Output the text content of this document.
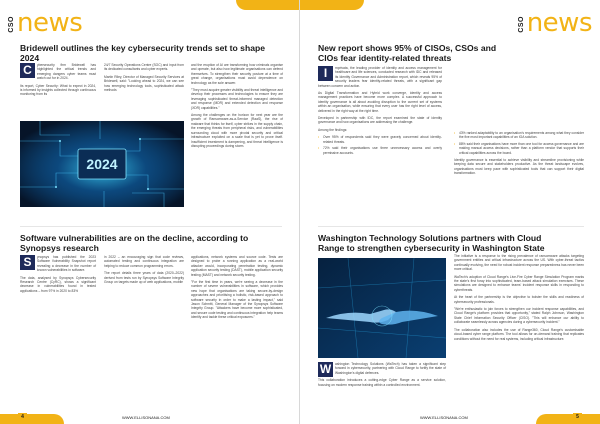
CSO news
Bridewell outlines the key cybersecurity trends set to shape 2024
C	ybersecurity firm Bridewell has highlighted the critical trends and emerging dangers cyber teams must watch out for in 2024.

Its report, Cyber Security: What to expect in 2024, is informed by insights collected through continuous monitoring from its

24/7 Security Operations Centre (SOC) and input from its dedicated consultants and cyber experts.

Martin Riley, Director of Managed Security Services at Bridewell, said: "Looking ahead to 2024, we can see how emerging technology tools, sophisticated attack methods

and the eruption of AI are transforming how criminals organise and operate, but also how legitimate organisations can defend themselves. To strengthen their security posture at a time of great change, organisations must avoid dependence on technology as the sole answer.

"They must acquire greater visibility and threat intelligence and develop their processes and technologies to ensure they are leveraging sophisticated threat-informed managed detection and response (MDR) and extended detection and response (XDR) capabilities."

Among the challenges on the horizon for next year are the growth of Ransomware-as-a-Service (RaaS), the rise of malware that thinks for itself, cyber strikes in the supply chain, the emerging threats from peripheral risks, and vulnerabilities surrounding cloud with more pivotal security and critical infrastructure exploited on a scale that is yet to prove itself. Insufficient investment is dampening, and threat intelligence is disrupting proceedings during storm.

2024
Software vulnerabilities are on the decline, according to Synopsys research
S	ynopsys has published the 2023 Software Vulnerability Snapshot report revealing a decrease in the number of known vulnerabilities in software.

The data, analysed by Synopsys Cybersecurity Research Centre (CyRC), shows a significant decrease in vulnerabilities found in tested applications – from 97% in 2020 to 83%

in 2022 – an encouraging sign that code reviews, automated testing and continuous integration are helping to reduce common programming errors.

The report details three years of data (2020–2022) derived from tests run by Synopsys Software Integrity Group on targets made up of web applications, mobile

applications, network systems and source code. Tests are designed to probe a running application as a real-world attacker would, incorporating penetration testing, dynamic application security testing (DAST), mobile application security testing (MAST) and network security testing.

"For the first time in years, we're seeing a decrease in the number of severe vulnerabilities in software, which provides new hope that organisations are taking secure-by-design approaches and prioritising a holistic, risk-based approach to software security in order to make a lasting impact," said Jason Schmitt, General Manager of the Synopsys Software Integrity Group. "Attackers have become more sophisticated, and secure code testing and continuous integration help teams identify and tackle these critical exposures."

4	WWW.ELLISONANA.COM
CSO news
New report shows 95% of CISOs, CSOs and CIOs fear identity-related threats
I	mprivata, the leading provider of identity and access management for healthcare and life sciences, conducted research with IDC and released its Identity Governance and Administration report, which reveals 95% of security leaders fear identity-related threats, with a significant gap between concern and action.

As Digital Transformation and Hybrid work converge, identity and access management practices have become more complex. A successful approach to identity governance is all about avoiding disruption to the current set of systems within an organisation, while ensuring that every user has the right level of access, delivered in the right way at the right time.

Developed in partnership with IDC, the report examined the state of identity governance and how organisations are addressing the challenge.

Among the findings:

• Over 95% of respondents said they were gravely concerned about identity-related threats.
• 72% said their organisations use three unnecessary access and overly permissive accounts.
• 43% ranked adaptability to an organisation's requirements among what they consider the five most important capabilities of an IGA solution.
• 88% said their organisations have more than one tool for access governance and are making manual access decisions, rather than a platform vendor that supports their critical capabilities across the board.

Identity governance is essential to achieve visibility and streamline provisioning while keeping data secure and stakeholders productive. As the threat landscape evolves, organisations must keep pace with sophisticated tools that can support their digital transformation.

Washington Technology Solutions partners with Cloud Range to strengthen cybersecurity in Washington State
W	ashington Technology Solutions (WaTech) has taken a significant step forward in cybersecurity, partnering with Cloud Range to fortify the state of Washington's digital defences.

This collaboration introduces a cutting-edge Cyber Range as a service solution, focusing on modern response training within a controlled environment.

The initiative is a response to the rising prevalence of ransomware attacks targeting government entities and critical infrastructure across the US. With cyber-threat tactics continually evolving, the need for robust incident response preparedness has never been more critical.

WaTech's adoption of Cloud Range's Live-Fire Cyber Range Simulation Program marks the state's first foray into sophisticated, team-based attack simulation exercises. These simulations are designed to enhance teams' incident response skills in responding to cyberthreats.

At the heart of the partnership is the objective to bolster the skills and readiness of cybersecurity professionals.

"We're enthusiastic to join forces to strengthen our incident response capabilities, and Cloud Range's platform provides that opportunity," stated Ralph Johnson, Washington State Chief Information Security Officer (CISO). "This will enhance our ability to collaborate seamlessly across agencies during a cybersecurity incident."

The collaboration also includes the use of Range360, Cloud Range's customisable cloud-based cyber range platform. The tool allows for on-demand training that replicates conditions without the need for real systems, including critical infrastructure.

WWW.ELLISONANA.COM	5
